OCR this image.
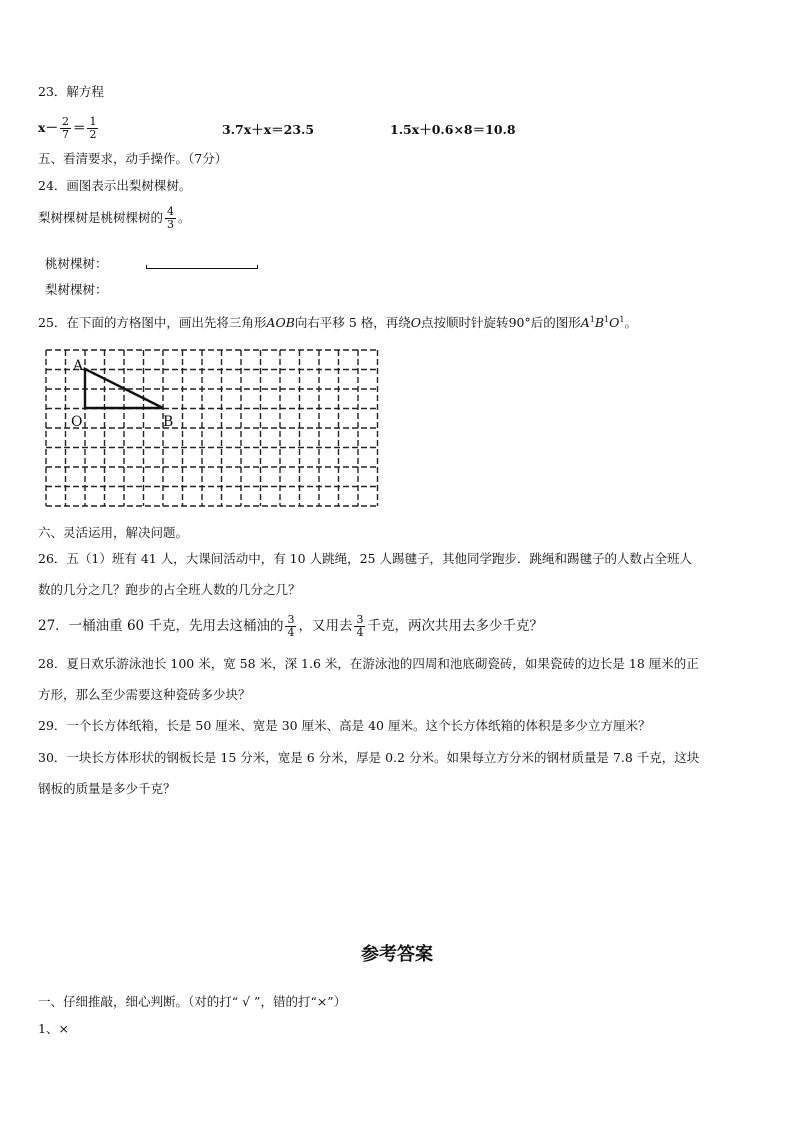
23．解方程
$x- \frac{2}{7} = \frac{1}{2}$	3.7x＋x＝23.5	1.5x＋0.6×8＝10.8
五、看清要求，动手操作。（7分）
24．画图表示出梨树棵树。
梨树棵树是桃树棵树的 $\frac{4}{3}$ 。
桃树棵树：
梨树棵树：
25．在下面的方格图中，画出先将三角形AOB向右平移 5 格，再绕O点按顺时针旋转90°后的图形$A^1B^1O^1$。
A
O	B
六、灵活运用，解决问题。
26．五（1）班有 41 人，大课间活动中，有 10 人跳绳，25 人踢毽子，其他同学跑步．跳绳和踢毽子的人数占全班人
数的几分之几？跑步的占全班人数的几分之几？
27．一桶油重 60 千克，先用去这桶油的 $\frac{3}{4}$ ，又用去 $\frac{3}{4}$ 千克，两次共用去多少千克？
28．夏日欢乐游泳池长 100 米，宽 58 米，深 1.6 米，在游泳池的四周和池底砌瓷砖，如果瓷砖的边长是 18 厘米的正
方形，那么至少需要这种瓷砖多少块？
29．一个长方体纸箱，长是 50 厘米、宽是 30 厘米、高是 40 厘米。这个长方体纸箱的体积是多少立方厘米？
30．一块长方体形状的钢板长是 15 分米，宽是 6 分米，厚是 0.2 分米。如果每立方分米的钢材质量是 7.8 千克，这块
钢板的质量是多少千克？
参考答案
一、仔细推敲，细心判断。（对的打“ √ ”，错的打“×”）
1、×
